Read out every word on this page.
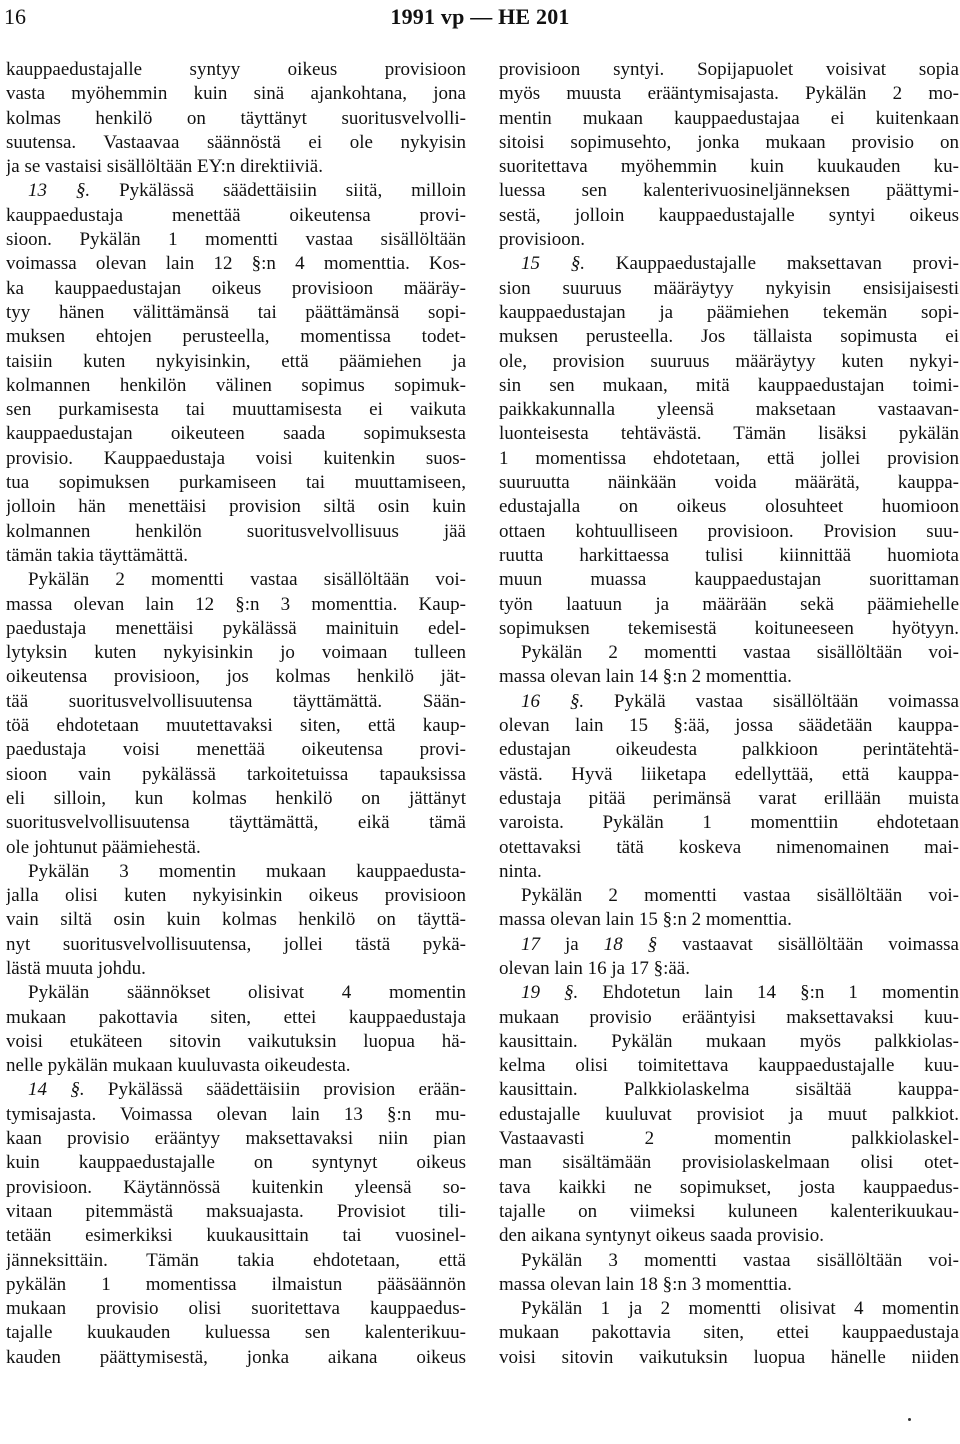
16	1991 vp — HE 201
kauppaedustajalle syntyy oikeus provisioon
vasta myöhemmin kuin sinä ajankohtana, jona
kolmas henkilö on täyttänyt suoritusvelvolli-
suutensa. Vastaavaa säännöstä ei ole nykyisin
ja se vastaisi sisällöltään EY:n direktiiviä.
13 §. Pykälässä säädettäisiin siitä, milloin
kauppaedustaja menettää oikeutensa provi-
sioon. Pykälän 1 momentti vastaa sisällöltään
voimassa olevan lain 12 §:n 4 momenttia. Kos-
ka kauppaedustajan oikeus provisioon määräy-
tyy hänen välittämänsä tai päättämänsä sopi-
muksen ehtojen perusteella, momentissa todet-
taisiin kuten nykyisinkin, että päämiehen ja
kolmannen henkilön välinen sopimus sopimuk-
sen purkamisesta tai muuttamisesta ei vaikuta
kauppaedustajan oikeuteen saada sopimuksesta
provisio. Kauppaedustaja voisi kuitenkin suos-
tua sopimuksen purkamiseen tai muuttamiseen,
jolloin hän menettäisi provision siltä osin kuin
kolmannen henkilön suoritusvelvollisuus jää
tämän takia täyttämättä.
Pykälän 2 momentti vastaa sisällöltään voi-
massa olevan lain 12 §:n 3 momenttia. Kaup-
paedustaja menettäisi pykälässä mainituin edel-
lytyksin kuten nykyisinkin jo voimaan tulleen
oikeutensa provisioon, jos kolmas henkilö jät-
tää suoritusvelvollisuutensa täyttämättä. Sään-
töä ehdotetaan muutettavaksi siten, että kaup-
paedustaja voisi menettää oikeutensa provi-
sioon vain pykälässä tarkoitetuissa tapauksissa
eli silloin, kun kolmas henkilö on jättänyt
suoritusvelvollisuutensa täyttämättä, eikä tämä
ole johtunut päämiehestä.
Pykälän 3 momentin mukaan kauppaedusta-
jalla olisi kuten nykyisinkin oikeus provisioon
vain siltä osin kuin kolmas henkilö on täyttä-
nyt suoritusvelvollisuutensa, jollei tästä pykä-
lästä muuta johdu.
Pykälän säännökset olisivat 4 momentin
mukaan pakottavia siten, ettei kauppaedustaja
voisi etukäteen sitovin vaikutuksin luopua hä-
nelle pykälän mukaan kuuluvasta oikeudesta.
14 §. Pykälässä säädettäisiin provision erään-
tymisajasta. Voimassa olevan lain 13 §:n mu-
kaan provisio erääntyy maksettavaksi niin pian
kuin kauppaedustajalle on syntynyt oikeus
provisioon. Käytännössä kuitenkin yleensä so-
vitaan pitemmästä maksuajasta. Provisiot tili-
tetään esimerkiksi kuukausittain tai vuosinel-
jänneksittäin. Tämän takia ehdotetaan, että
pykälän 1 momentissa ilmaistun pääsäännön
mukaan provisio olisi suoritettava kauppaedus-
tajalle kuukauden kuluessa sen kalenterikuu-
kauden päättymisestä, jonka aikana oikeus
provisioon syntyi. Sopijapuolet voisivat sopia
myös muusta erääntymisajasta. Pykälän 2 mo-
mentin mukaan kauppaedustajaa ei kuitenkaan
sitoisi sopimusehto, jonka mukaan provisio on
suoritettava myöhemmin kuin kuukauden ku-
luessa sen kalenterivuosineljänneksen päättymi-
sestä, jolloin kauppaedustajalle syntyi oikeus
provisioon.
15 §. Kauppaedustajalle maksettavan provi-
sion suuruus määräytyy nykyisin ensisijaisesti
kauppaedustajan ja päämiehen tekemän sopi-
muksen perusteella. Jos tällaista sopimusta ei
ole, provision suuruus määräytyy kuten nykyi-
sin sen mukaan, mitä kauppaedustajan toimi-
paikkakunnalla yleensä maksetaan vastaavan-
luonteisesta tehtävästä. Tämän lisäksi pykälän
1 momentissa ehdotetaan, että jollei provision
suuruutta näinkään voida määrätä, kauppa-
edustajalla on oikeus olosuhteet huomioon
ottaen kohtuulliseen provisioon. Provision suu-
ruutta harkittaessa tulisi kiinnittää huomiota
muun muassa kauppaedustajan suorittaman
työn laatuun ja määrään sekä päämiehelle
sopimuksen tekemisestä koituneeseen hyötyyn.
Pykälän 2 momentti vastaa sisällöltään voi-
massa olevan lain 14 §:n 2 momenttia.
16 §. Pykälä vastaa sisällöltään voimassa
olevan lain 15 §:ää, jossa säädetään kauppa-
edustajan oikeudesta palkkioon perintätehtä-
västä. Hyvä liiketapa edellyttää, että kauppa-
edustaja pitää perimänsä varat erillään muista
varoista. Pykälän 1 momenttiin ehdotetaan
otettavaksi tätä koskeva nimenomainen mai-
ninta.
Pykälän 2 momentti vastaa sisällöltään voi-
massa olevan lain 15 §:n 2 momenttia.
17 ja 18 § vastaavat sisällöltään voimassa
olevan lain 16 ja 17 §:ää.
19 §. Ehdotetun lain 14 §:n 1 momentin
mukaan provisio erääntyisi maksettavaksi kuu-
kausittain. Pykälän mukaan myös palkkiolas-
kelma olisi toimitettava kauppaedustajalle kuu-
kausittain. Palkkiolaskelma sisältää kauppa-
edustajalle kuuluvat provisiot ja muut palkkiot.
Vastaavasti 2 momentin palkkiolaskel-
man sisältämään provisiolaskelmaan olisi otet-
tava kaikki ne sopimukset, josta kauppaedus-
tajalle on viimeksi kuluneen kalenterikuukau-
den aikana syntynyt oikeus saada provisio.
Pykälän 3 momentti vastaa sisällöltään voi-
massa olevan lain 18 §:n 3 momenttia.
Pykälän 1 ja 2 momentti olisivat 4 momentin
mukaan pakottavia siten, ettei kauppaedustaja
voisi sitovin vaikutuksin luopua hänelle niiden
